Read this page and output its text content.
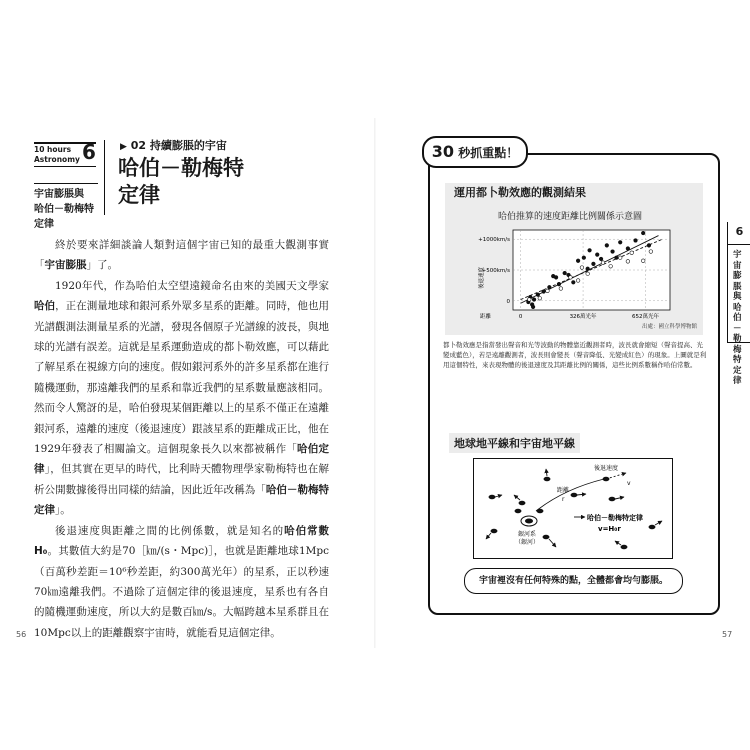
10 hours
Astronomy 6	▶ 02 持續膨脹的宇宙
哈伯－勒梅特
定律
宇宙膨脹與
哈伯－勒梅特
定律

終於要來詳細談論人類對這個宇宙已知的最重大觀測事實「宇宙膨脹」了。

1920年代，作為哈伯太空望遠鏡命名由來的美國天文學家哈伯，正在測量地球和銀河系外眾多星系的距離。同時，他也用光譜觀測法測量星系的光譜，發現各個原子光譜線的波長，與地球的光譜有誤差。這就是星系運動造成的都卜勒效應，可以藉此了解星系在視線方向的速度。假如銀河系外的許多星系都在進行隨機運動，那遠離我們的星系和靠近我們的星系數量應該相同。然而令人驚訝的是，哈伯發現某個距離以上的星系不僅正在遠離銀河系，遠離的速度（後退速度）跟該星系的距離成正比，他在1929年發表了相關論文。這個現象長久以來都被稱作「哈伯定律」，但其實在更早的時代，比利時天體物理學家勒梅特也在解析公開數據後得出同樣的結論，因此近年改稱為「哈伯－勒梅特定律」。

後退速度與距離之間的比例係數，就是知名的哈伯常數H₀。其數值大約是70［㎞/(s・Mpc)］，也就是距離地球1Mpc（百萬秒差距＝10⁶秒差距，約300萬光年）的星系，正以秒速70㎞遠離我們。不過除了這個定律的後退速度，星系也有各自的隨機運動速度，所以大約是數百㎞/s。大幅跨越本星系群且在10Mpc以上的距離觀察宇宙時，就能看見這個定律。

56
6
宇宙膨脹與哈伯－勒梅特定律
30 秒抓重點！
運用都卜勒效應的觀測結果
哈伯推算的速度距離比例關係示意圖
0
+500km/s
+1000km/s
0	326萬光年	652萬光年
距離
後退速度
出處：國立科學博物館
都卜勒效應是指當發出聲音和光等波動的物體靠近觀測者時，波長就會縮短（聲音提高、光變成藍色），若是遠離觀測者，波長則會變長（聲音降低、光變成紅色）的現象。上圖就是利用這個特性，來表現物體的後退速度及其距離比例的關係，這些比例系數稱作哈伯常數。
地球地平線和宇宙地平線
銀河系
（銀河）
後退速度
v
距離
r
哈伯－勒梅特定律
v=H₀r
宇宙裡沒有任何特殊的點，全體都會均勻膨脹。
57
